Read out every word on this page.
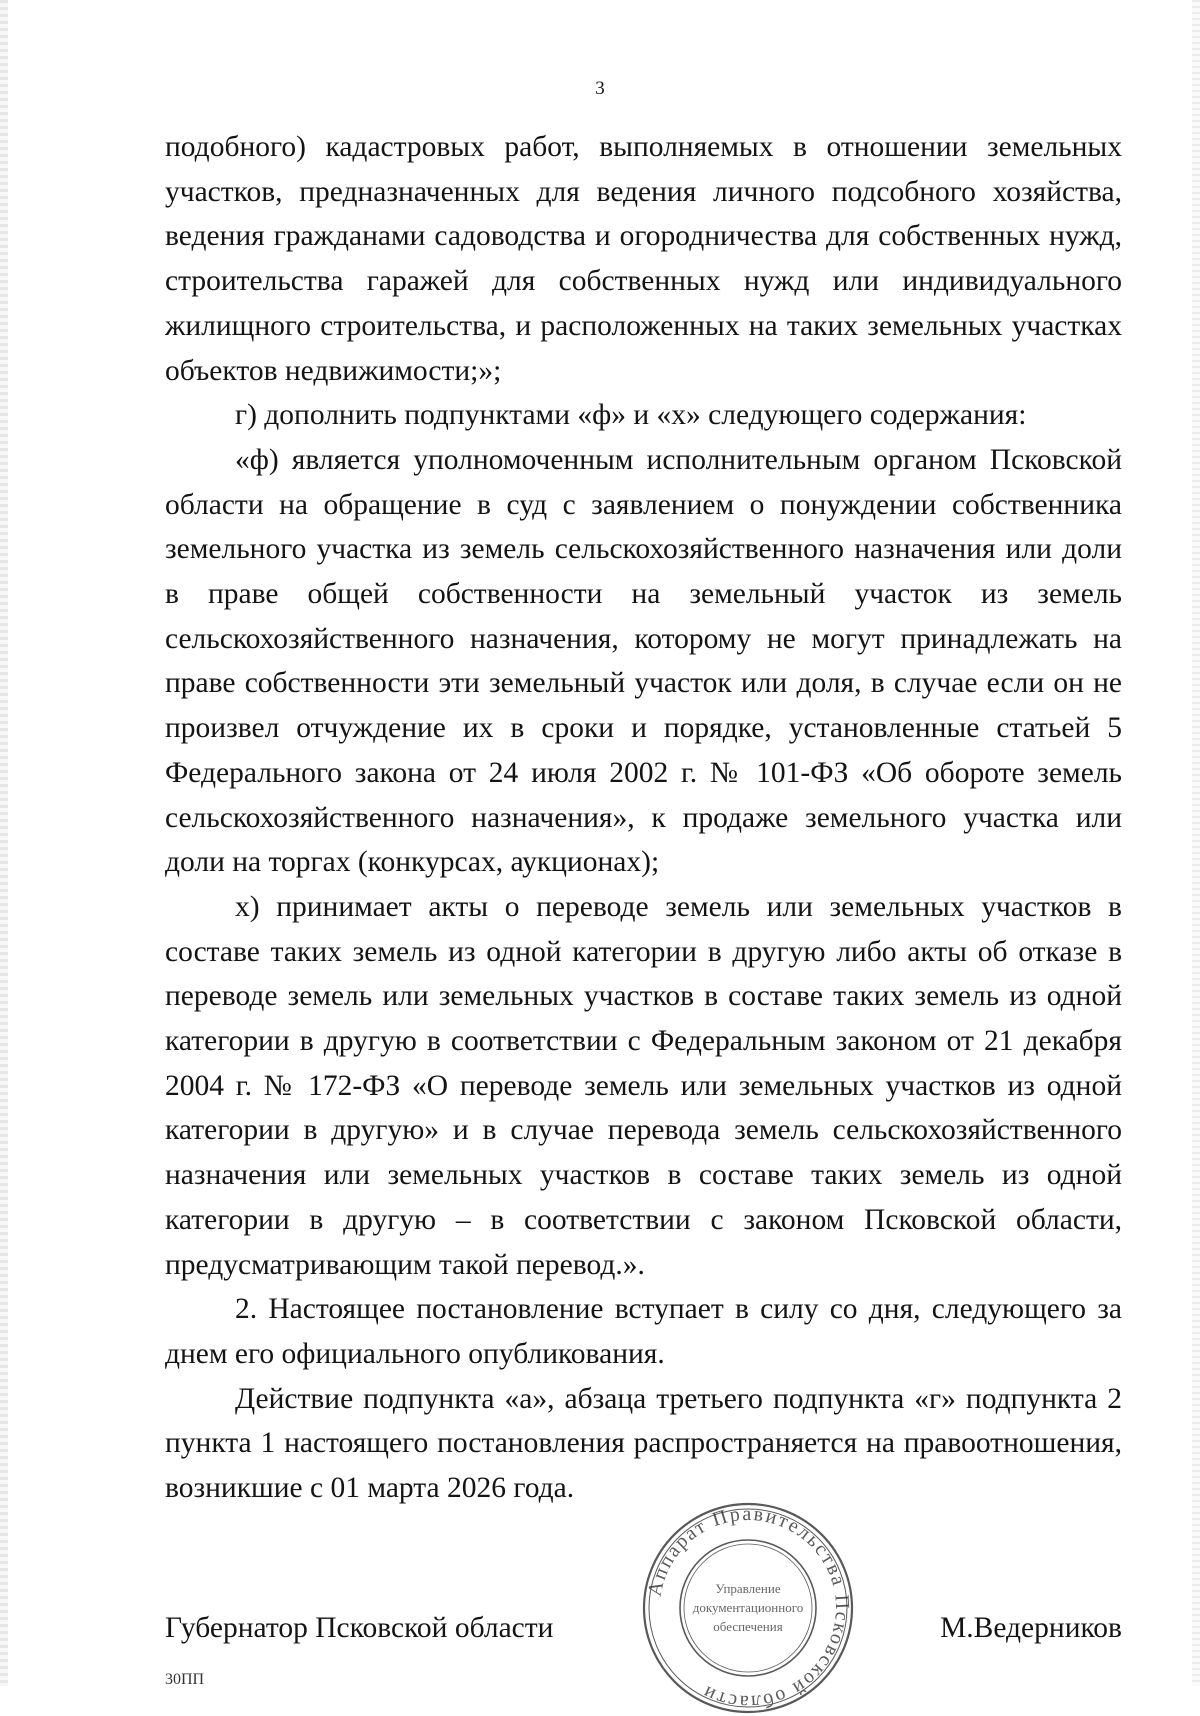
3

подобного) кадастровых работ, выполняемых в отношении земельных участков, предназначенных для ведения личного подсобного хозяйства, ведения гражданами садоводства и огородничества для собственных нужд, строительства гаражей для собственных нужд или индивидуального жилищного строительства, и расположенных на таких земельных участках объектов недвижимости;»;

г) дополнить подпунктами «ф» и «х» следующего содержания:

«ф) является уполномоченным исполнительным органом Псковской области на обращение в суд с заявлением о понуждении собственника земельного участка из земель сельскохозяйственного назначения или доли в праве общей собственности на земельный участок из земель сельскохозяйственного назначения, которому не могут принадлежать на праве собственности эти земельный участок или доля, в случае если он не произвел отчуждение их в сроки и порядке, установленные статьей 5 Федерального закона от 24 июля 2002 г. № 101-ФЗ «Об обороте земель сельскохозяйственного назначения», к продаже земельного участка или доли на торгах (конкурсах, аукционах);

х) принимает акты о переводе земель или земельных участков в составе таких земель из одной категории в другую либо акты об отказе в переводе земель или земельных участков в составе таких земель из одной категории в другую в соответствии с Федеральным законом от 21 декабря 2004 г. № 172-ФЗ «О переводе земель или земельных участков из одной категории в другую» и в случае перевода земель сельскохозяйственного назначения или земельных участков в составе таких земель из одной категории в другую – в соответствии с законом Псковской области, предусматривающим такой перевод.».

2. Настоящее постановление вступает в силу со дня, следующего за днем его официального опубликования.

Действие подпункта «а», абзаца третьего подпункта «г» подпункта 2 пункта 1 настоящего постановления распространяется на правоотношения, возникшие с 01 марта 2026 года.

Аппарат Правительства Псковской области
Управление
документационного
обеспечения
Губернатор Псковской области	М.Ведерников
30ПП
